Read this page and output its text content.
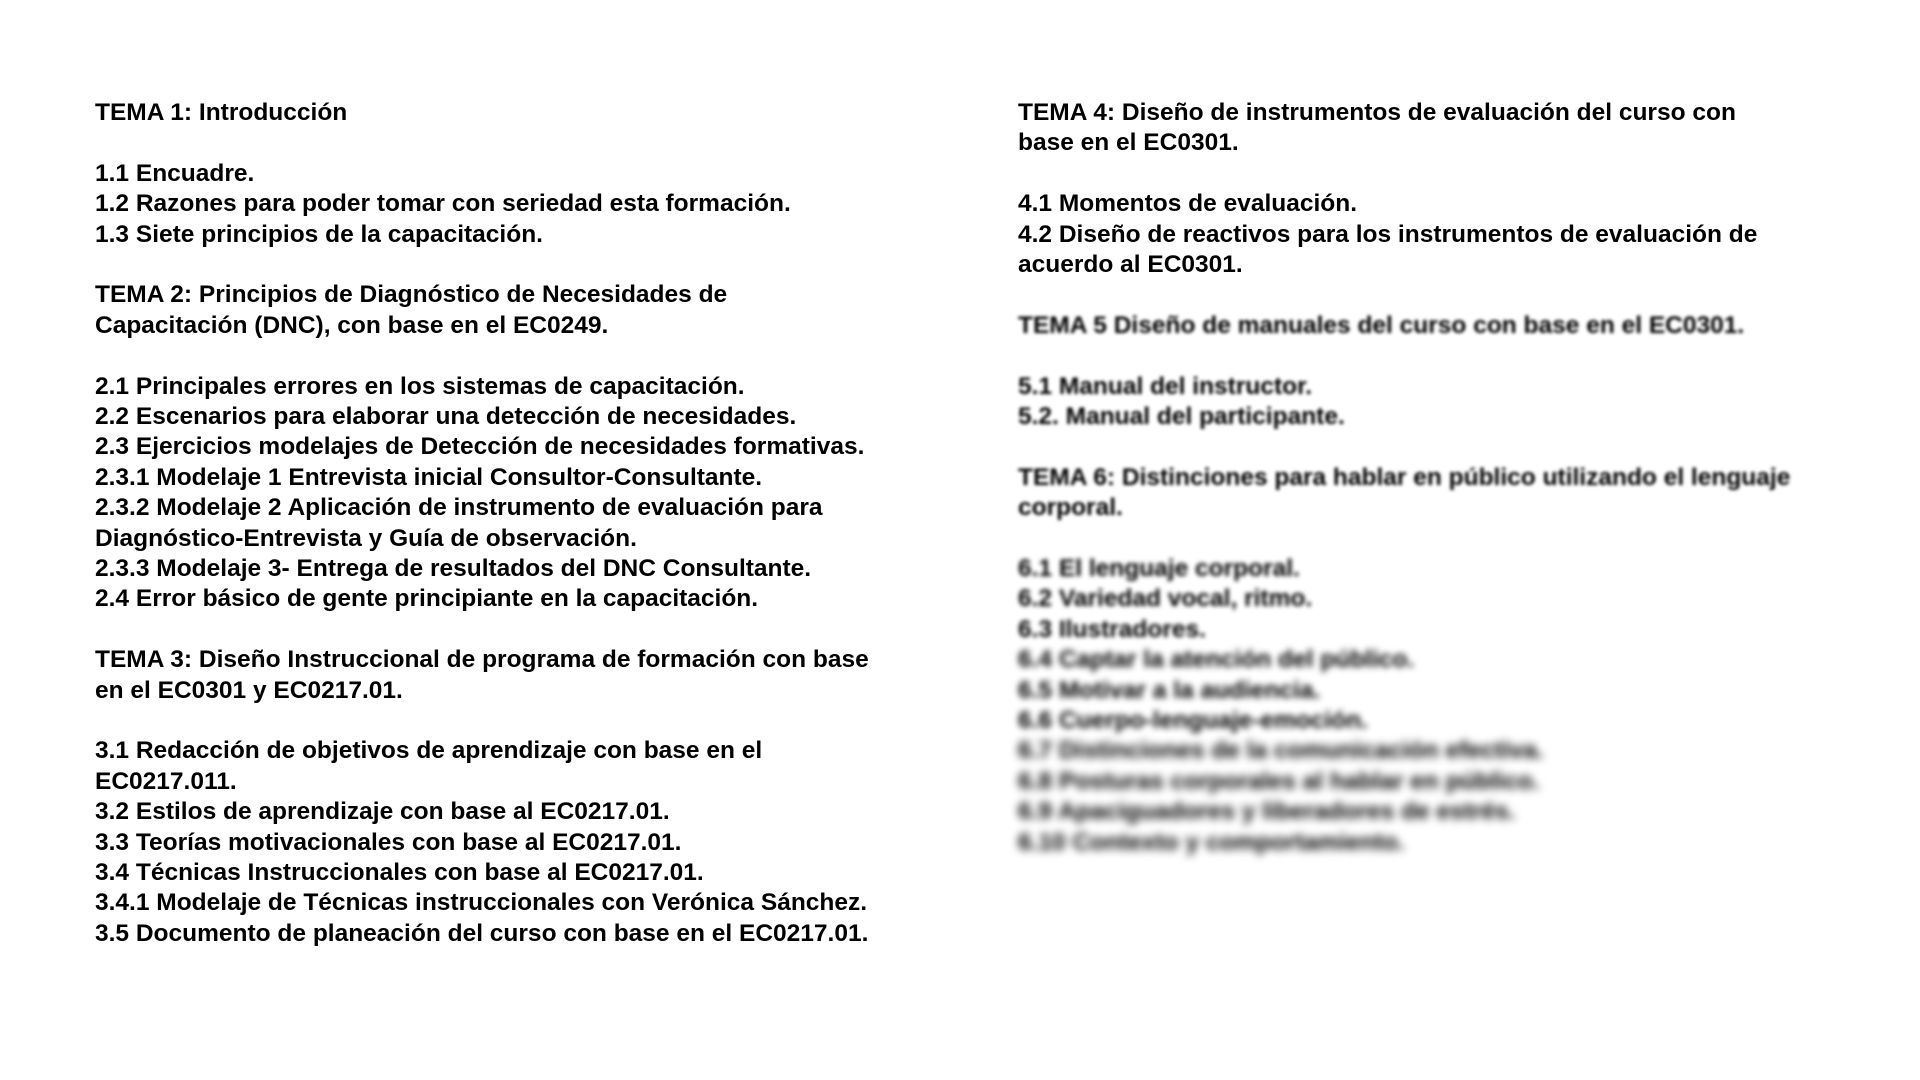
TEMA 1: Introducción
1.1 Encuadre.
1.2 Razones para poder tomar con seriedad esta formación.
1.3 Siete principios de la capacitación.
TEMA 2: Principios de Diagnóstico de Necesidades de
Capacitación (DNC), con base en el EC0249.
2.1 Principales errores en los sistemas de capacitación.
2.2 Escenarios para elaborar una detección de necesidades.
2.3 Ejercicios modelajes de Detección de necesidades formativas.
2.3.1 Modelaje 1 Entrevista inicial Consultor-Consultante.
2.3.2 Modelaje 2 Aplicación de instrumento de evaluación para
Diagnóstico-Entrevista y Guía de observación.
2.3.3 Modelaje 3- Entrega de resultados del DNC Consultante.
2.4 Error básico de gente principiante en la capacitación.
TEMA 3: Diseño Instruccional de programa de formación con base
en el EC0301 y EC0217.01.
3.1 Redacción de objetivos de aprendizaje con base en el
EC0217.011.
3.2 Estilos de aprendizaje con base al EC0217.01.
3.3 Teorías motivacionales con base al EC0217.01.
3.4 Técnicas Instruccionales con base al EC0217.01.
3.4.1 Modelaje de Técnicas instruccionales con Verónica Sánchez.
3.5 Documento de planeación del curso con base en el EC0217.01.
TEMA 4: Diseño de instrumentos de evaluación del curso con
base en el EC0301.
4.1 Momentos de evaluación.
4.2 Diseño de reactivos para los instrumentos de evaluación de
acuerdo al EC0301.
TEMA 5 Diseño de manuales del curso con base en el EC0301.
5.1 Manual del instructor.
5.2. Manual del participante.
TEMA 6: Distinciones para hablar en público utilizando el lenguaje
corporal.
6.1 El lenguaje corporal.
6.2 Variedad vocal, ritmo.
6.3 Ilustradores.
6.4 Captar la atención del público.
6.5 Motivar a la audiencia.
6.6 Cuerpo-lenguaje-emoción.
6.7 Distinciones de la comunicación efectiva.
6.8 Posturas corporales al hablar en público.
6.9 Apaciguadores y liberadores de estrés.
6.10 Contexto y comportamiento.
